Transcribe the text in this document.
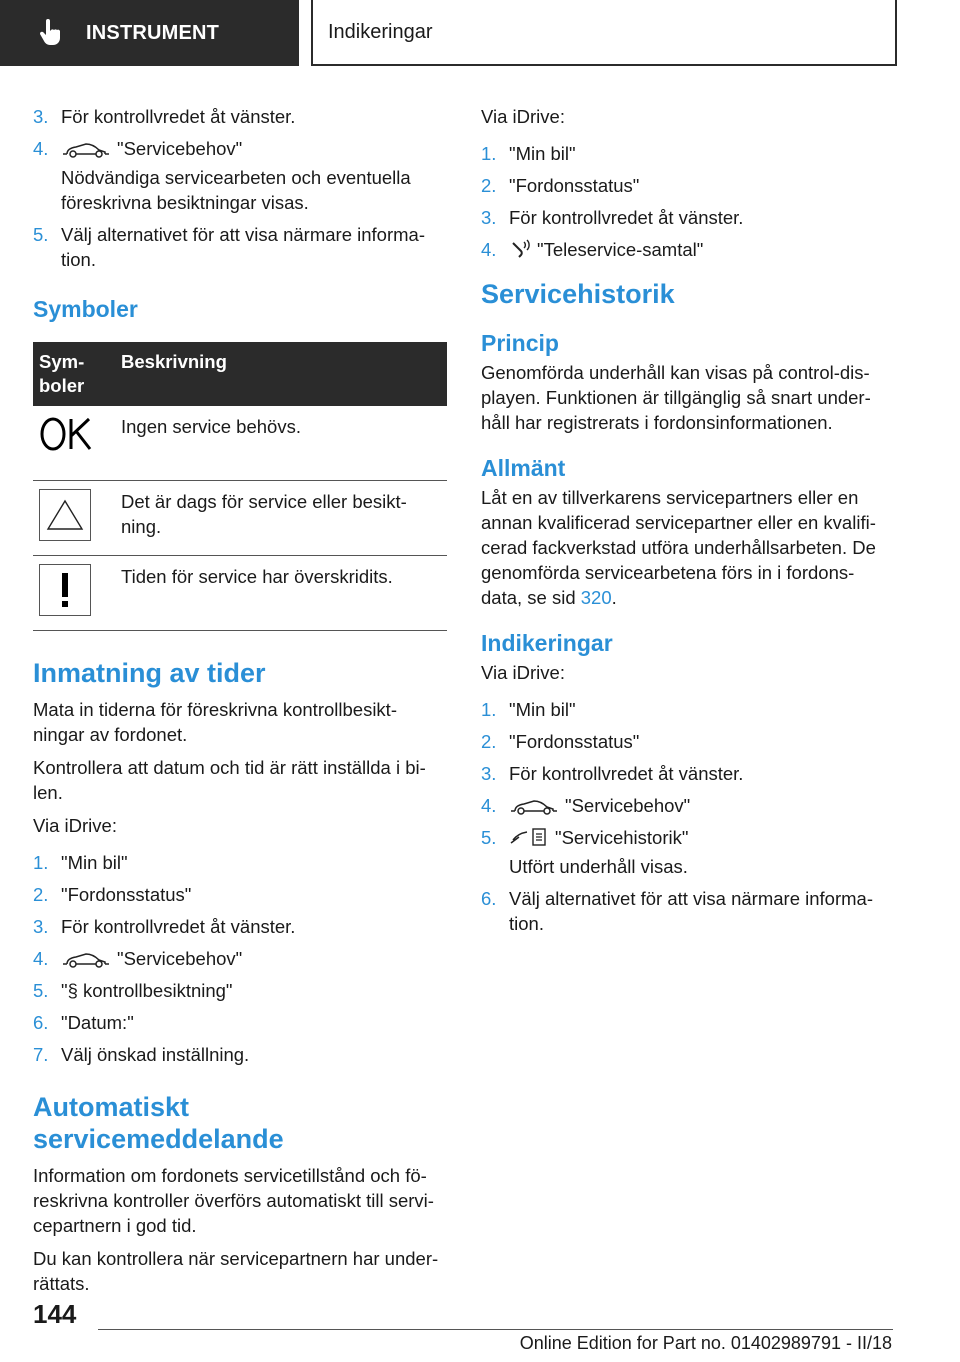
INSTRUMENT	Indikeringar
3. För kontrollvredet åt vänster.
4.	"Servicebehov"
Nödvändiga servicearbeten och eventuella föreskrivna besiktningar visas.
5. Välj alternativet för att visa närmare informa-tion.
Symboler
Sym-boler	Beskrivning
	Ingen service behövs.

	Det är dags för service eller besikt-ning.

	Tiden för service har överskridits.
Inmatning av tider

Mata in tiderna för föreskrivna kontrollbesikt-ningar av fordonet.

Kontrollera att datum och tid är rätt inställda i bi-len.

Via iDrive:

1. "Min bil"
2. "Fordonsstatus"
3. För kontrollvredet åt vänster.
4.	"Servicebehov"
5. "§ kontrollbesiktning"
6. "Datum:"
7. Välj önskad inställning.
Automatiskt servicemeddelande

Information om fordonets servicetillstånd och fö-reskrivna kontroller överförs automatiskt till servi-cepartnern i god tid.

Du kan kontrollera när servicepartnern har under-rättats.

Via iDrive:

1. "Min bil"
2. "Fordonsstatus"
3. För kontrollvredet åt vänster.
4. "Teleservice-samtal"
Servicehistorik
Princip

Genomförda underhåll kan visas på control-dis-playen. Funktionen är tillgänglig så snart under-håll har registrerats i fordonsinformationen.

Allmänt

Låt en av tillverkarens servicepartners eller en annan kvalificerad servicepartner eller en kvalifi-cerad fackverkstad utföra underhållsarbeten. De genomförda servicearbetena förs in i fordons-data, se sid 320.

Indikeringar

Via iDrive:

1. "Min bil"
2. "Fordonsstatus"
3. För kontrollvredet åt vänster.
4.	"Servicebehov"
5.	"Servicehistorik"
Utfört underhåll visas.
6. Välj alternativet för att visa närmare informa-tion.
144
Online Edition for Part no. 01402989791 - II/18
